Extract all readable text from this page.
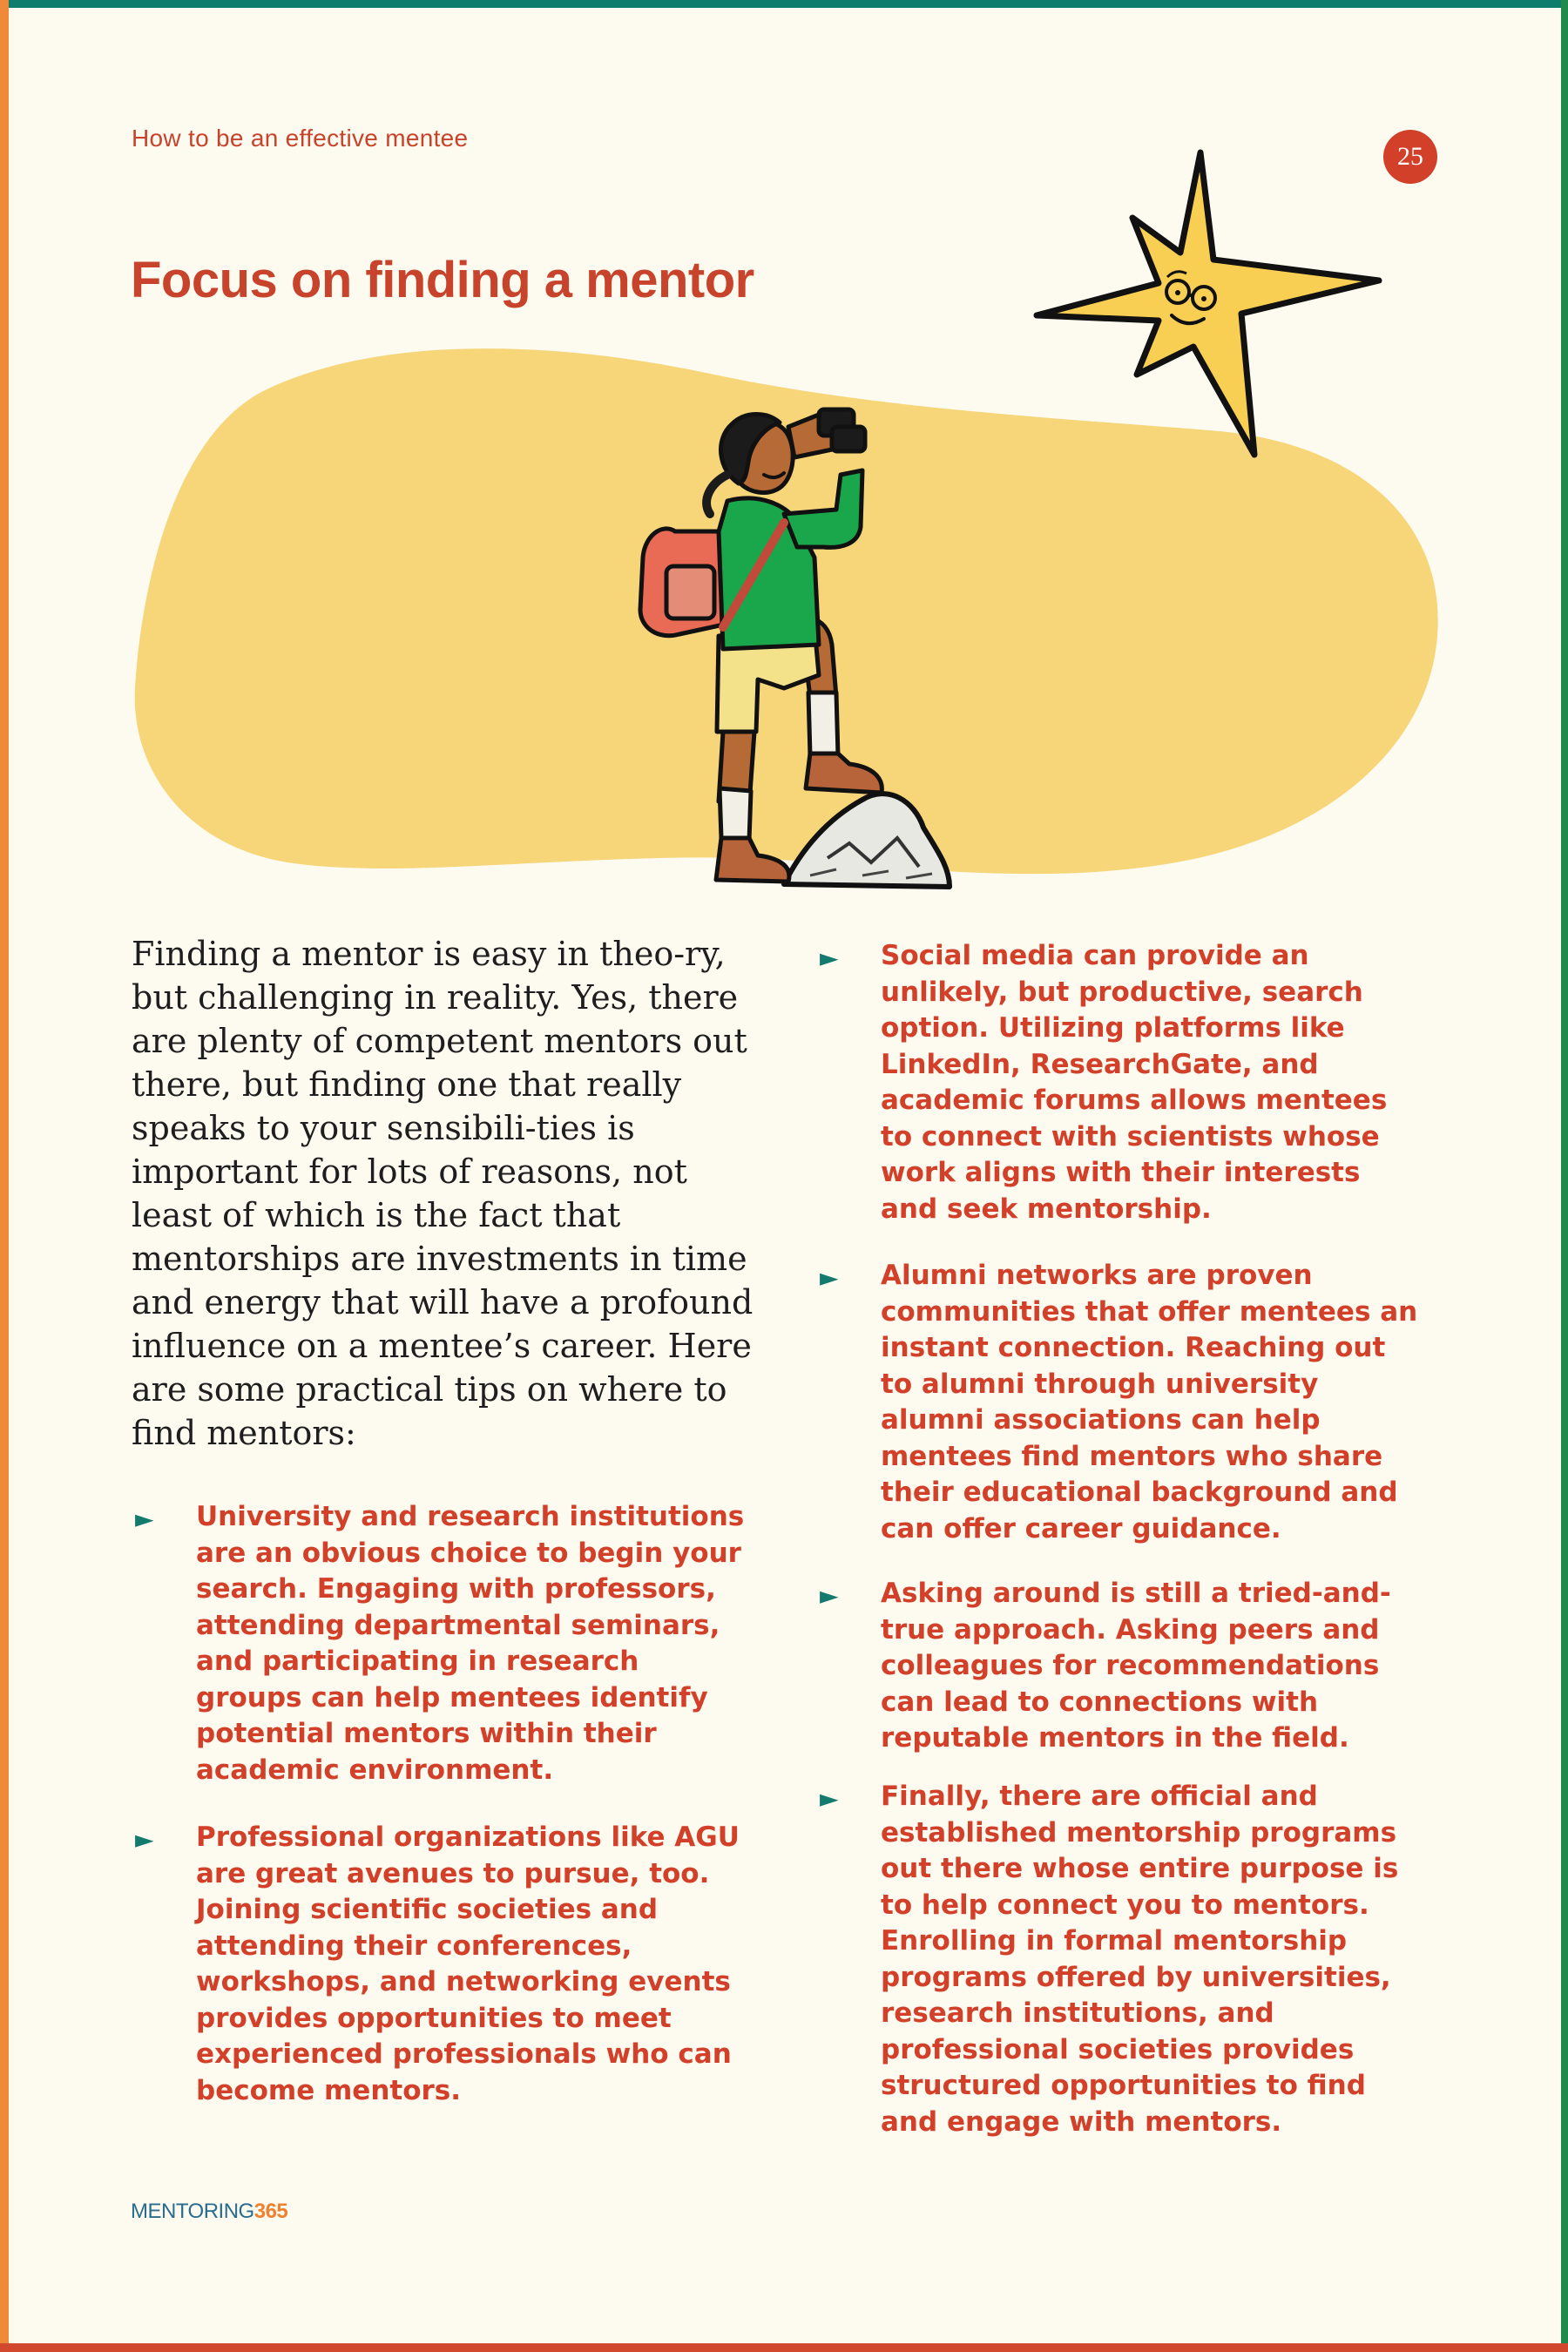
How to be an effective mentee
25
Focus on finding a mentor

Finding a mentor is easy in theo-ry, but challenging in reality. Yes, there are plenty of competent mentors out there, but finding one that really speaks to your sensibili-ties is important for lots of reasons, not least of which is the fact that mentorships are investments in time and energy that will have a profound influence on a mentee’s career. Here are some practical tips on where to find mentors:

► University and research institutions are an obvious choice to begin your search. Engaging with professors, attending departmental seminars, and participating in research groups can help mentees identify potential mentors within their academic environment.
► Professional organizations like AGU are great avenues to pursue, too. Joining scientific societies and attending their conferences, workshops, and networking events provides opportunities to meet experienced professionals who can become mentors.
► Social media can provide an unlikely, but productive, search option. Utilizing platforms like LinkedIn, ResearchGate, and academic forums allows mentees to connect with scientists whose work aligns with their interests and seek mentorship.
► Alumni networks are proven communities that offer mentees an instant connection. Reaching out to alumni through university alumni associations can help mentees find mentors who share their educational background and can offer career guidance.
► Asking around is still a tried-and-true approach. Asking peers and colleagues for recommendations can lead to connections with reputable mentors in the field.
► Finally, there are official and established mentorship programs out there whose entire purpose is to help connect you to mentors. Enrolling in formal mentorship programs offered by universities, research institutions, and professional societies provides structured opportunities to find and engage with mentors.
MENTORING365
